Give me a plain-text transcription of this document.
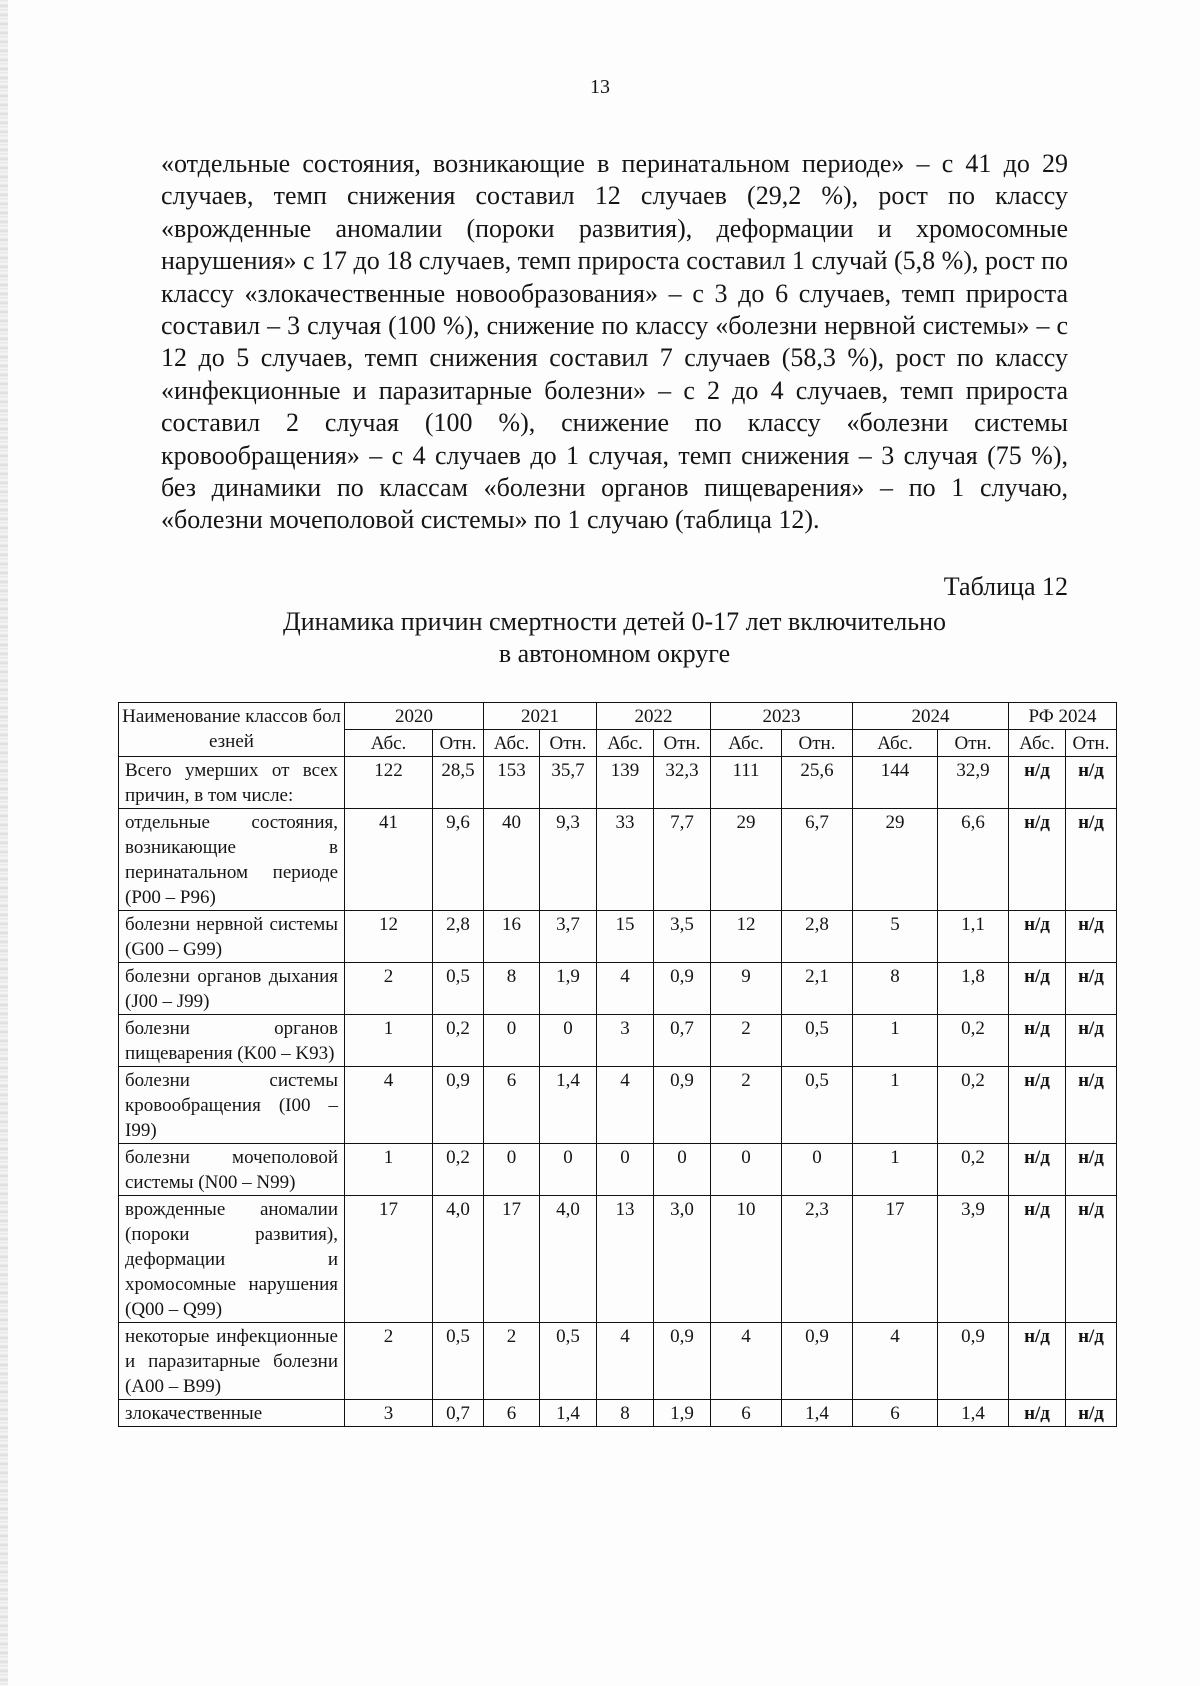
13

«отдельные состояния, возникающие в перинатальном периоде» – с 41 до 29 случаев, темп снижения составил 12 случаев (29,2 %), рост по классу «врожденные аномалии (пороки развития), деформации и хромосомные нарушения» с 17 до 18 случаев, темп прироста составил 1 случай (5,8 %), рост по классу «злокачественные новообразования» – с 3 до 6 случаев, темп прироста составил – 3 случая (100 %), снижение по классу «болезни нервной системы» – с 12 до 5 случаев, темп снижения составил 7 случаев (58,3 %), рост по классу «инфекционные и паразитарные болезни» – с 2 до 4 случаев, темп прироста составил 2 случая (100 %), снижение по классу «болезни системы кровообращения» – с 4 случаев до 1 случая, темп снижения – 3 случая (75 %), без динамики по классам «болезни органов пищеварения» – по 1 случаю, «болезни мочеполовой системы» по 1 случаю (таблица 12).

Таблица 12
Динамика причин смертности детей 0-17 лет включительно
в автономном округе
Наименование классов болезней	2020		2021		2022		2023		2024		РФ 2024	
	Абс.	Отн.	Абс.	Отн.	Абс.	Отн.	Абс.	Отн.	Абс.	Отн.	Абс.	Отн.
Всего умерших от всех причин, в том числе:	122	28,5	153	35,7	139	32,3	111	25,6	144	32,9	н/д	н/д
отдельные состояния, возникающие в перинатальном периоде (P00 – P96)	41	9,6	40	9,3	33	7,7	29	6,7	29	6,6	н/д	н/д
болезни нервной системы (G00 – G99)	12	2,8	16	3,7	15	3,5	12	2,8	5	1,1	н/д	н/д
болезни органов дыхания (J00 – J99)	2	0,5	8	1,9	4	0,9	9	2,1	8	1,8	н/д	н/д
болезни органов пищеварения (K00 – K93)	1	0,2	0	0	3	0,7	2	0,5	1	0,2	н/д	н/д
болезни системы кровообращения (I00 – I99)	4	0,9	6	1,4	4	0,9	2	0,5	1	0,2	н/д	н/д
болезни мочеполовой системы (N00 – N99)	1	0,2	0	0	0	0	0	0	1	0,2	н/д	н/д
врожденные аномалии (пороки развития), деформации и хромосомные нарушения (Q00 – Q99)	17	4,0	17	4,0	13	3,0	10	2,3	17	3,9	н/д	н/д
некоторые инфекционные и паразитарные болезни (A00 – B99)	2	0,5	2	0,5	4	0,9	4	0,9	4	0,9	н/д	н/д
злокачественные	3	0,7	6	1,4	8	1,9	6	1,4	6	1,4	н/д	н/д
